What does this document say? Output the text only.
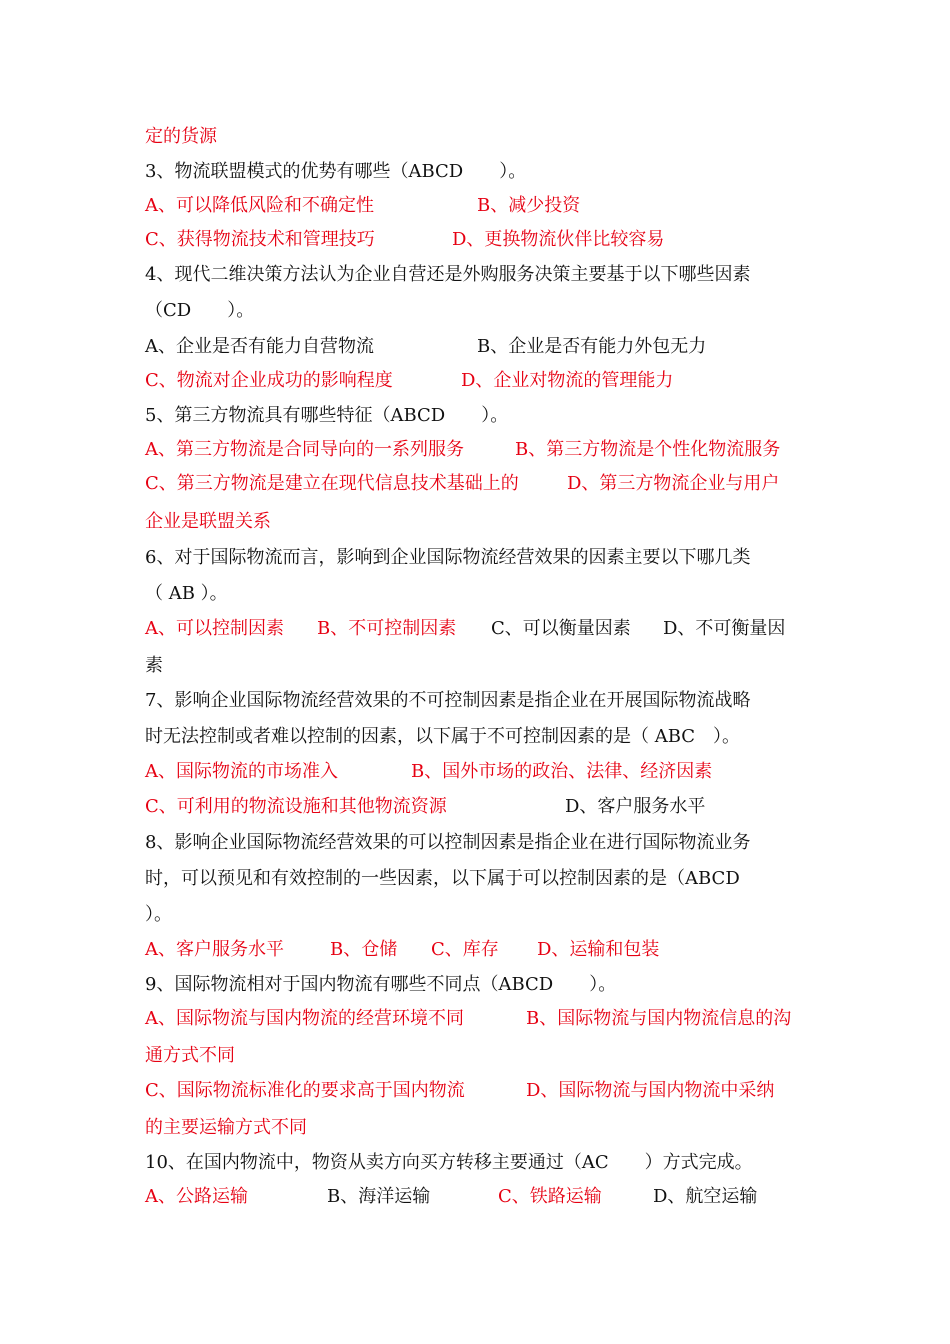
定的货源
3、物流联盟模式的优势有哪些（ABCD　　）。
A、可以降低风险和不确定性	B、减少投资
C、获得物流技术和管理技巧	D、更换物流伙伴比较容易
4、现代二维决策方法认为企业自营还是外购服务决策主要基于以下哪些因素
（CD　　）。
A、企业是否有能力自营物流	B、企业是否有能力外包无力
C、物流对企业成功的影响程度	D、企业对物流的管理能力
5、第三方物流具有哪些特征（ABCD　　）。
A、第三方物流是合同导向的一系列服务	B、第三方物流是个性化物流服务
C、第三方物流是建立在现代信息技术基础上的	D、第三方物流企业与用户
企业是联盟关系
6、对于国际物流而言，影响到企业国际物流经营效果的因素主要以下哪几类
（ AB ）。
A、可以控制因素 B、不可控制因素 C、可以衡量因素 D、不可衡量因
素
7、影响企业国际物流经营效果的不可控制因素是指企业在开展国际物流战略
时无法控制或者难以控制的因素，以下属于不可控制因素的是（ ABC　）。
A、国际物流的市场准入	B、国外市场的政治、法律、经济因素
C、可利用的物流设施和其他物流资源	D、客户服务水平
8、影响企业国际物流经营效果的可以控制因素是指企业在进行国际物流业务
时，可以预见和有效控制的一些因素，以下属于可以控制因素的是（ABCD
）。
A、客户服务水平	B、仓储 C、库存 D、运输和包装
9、国际物流相对于国内物流有哪些不同点（ABCD　　）。
A、国际物流与国内物流的经营环境不同	B、国际物流与国内物流信息的沟
通方式不同
C、国际物流标准化的要求高于国内物流	D、国际物流与国内物流中采纳
的主要运输方式不同
10、在国内物流中，物资从卖方向买方转移主要通过（AC　　）方式完成。
A、公路运输	B、海洋运输	C、铁路运输	D、航空运输
